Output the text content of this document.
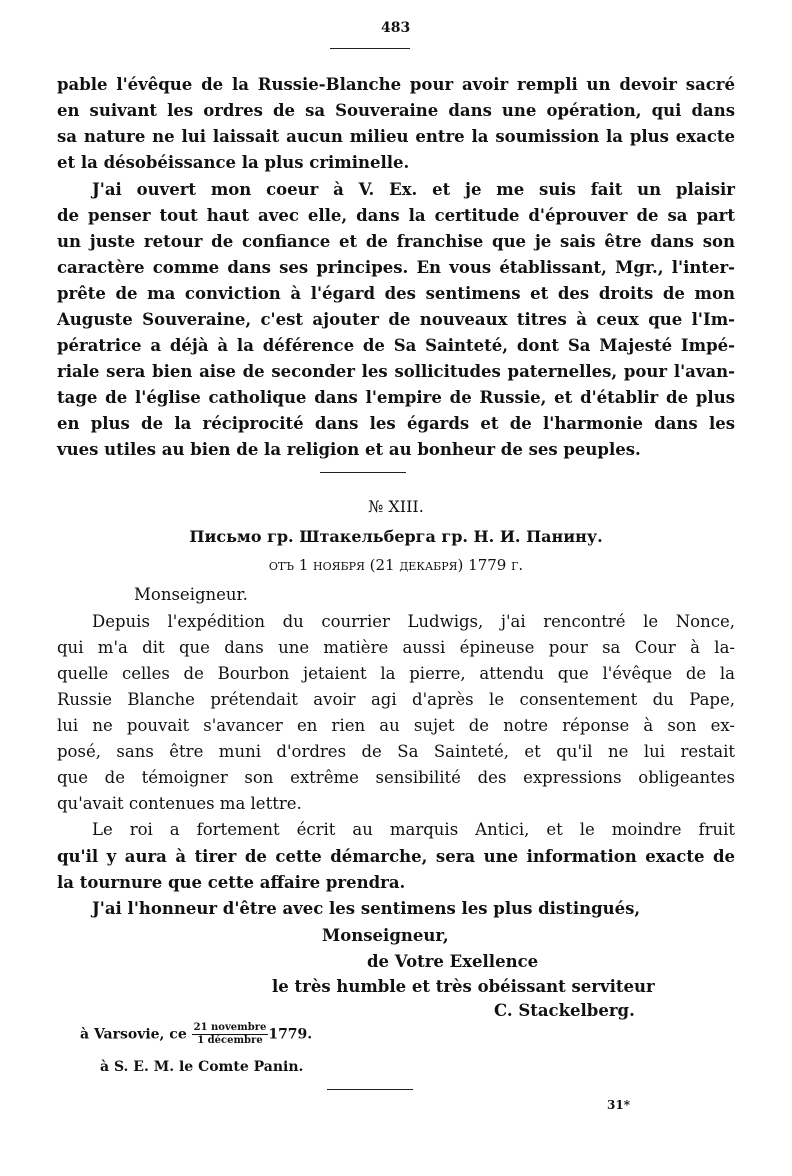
483
pable l'évêque de la Russie-Blanche pour avoir rempli un devoir sacré
en suivant les ordres de sa Souveraine dans une opération, qui dans
sa nature ne lui laissait aucun milieu entre la soumission la plus exacte
et la désobéissance la plus criminelle.
J'ai ouvert mon coeur à V. Ex. et je me suis fait un plaisir
de penser tout haut avec elle, dans la certitude d'éprouver de sa part
un juste retour de confiance et de franchise que je sais être dans son
caractère comme dans ses principes. En vous établissant, Mgr., l'inter-
prête de ma conviction à l'égard des sentimens et des droits de mon
Auguste Souveraine, c'est ajouter de nouveaux titres à ceux que l'Im-
pératrice a déjà à la déférence de Sa Sainteté, dont Sa Majesté Impé-
riale sera bien aise de seconder les sollicitudes paternelles, pour l'avan-
tage de l'église catholique dans l'empire de Russie, et d'établir de plus
en plus de la réciprocité dans les égards et de l'harmonie dans les
vues utiles au bien de la religion et au bonheur de ses peuples.
№ XIII.
Письмо гр. Штакельберга гр. Н. И. Панину.
отъ 1 ноября (21 декабря) 1779 г.
Monseigneur.
Depuis l'expédition du courrier Ludwigs, j'ai rencontré le Nonce,
qui m'a dit que dans une matière aussi épineuse pour sa Cour à la-
quelle celles de Bourbon jetaient la pierre, attendu que l'évêque de la
Russie Blanche prétendait avoir agi d'après le consentement du Pape,
lui ne pouvait s'avancer en rien au sujet de notre réponse à son ex-
posé, sans être muni d'ordres de Sa Sainteté, et qu'il ne lui restait
que de témoigner son extrême sensibilité des expressions obligeantes
qu'avait contenues ma lettre.
Le roi a fortement écrit au marquis Antici, et le moindre fruit
qu'il y aura à tirer de cette démarche, sera une information exacte de
la tournure que cette affaire prendra.
J'ai l'honneur d'être avec les sentimens les plus distingués,
Monseigneur,
de Votre Exellence
le très humble et très obéissant serviteur
C. Stackelberg.
à Varsovie, ce $\frac{\text{21 novembre}}{\text{1 décembre}} 1779$.
à S. E. M. le Comte Panin.
31*
